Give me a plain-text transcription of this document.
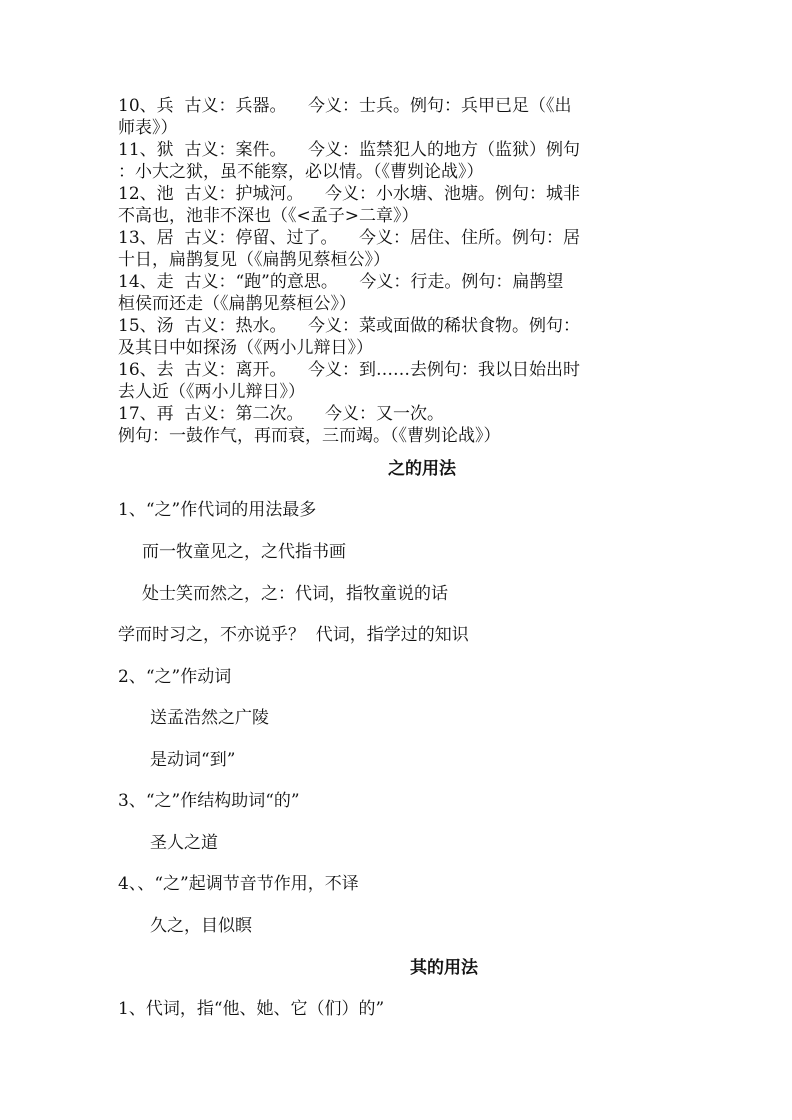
10、兵  古义：兵器。    今义：士兵。例句：兵甲已足（《出
师表》）
11、狱  古义：案件。    今义：监禁犯人的地方（监狱）例句
：小大之狱，虽不能察，必以情。（《曹刿论战》）
12、池  古义：护城河。    今义：小水塘、池塘。例句：城非
不高也，池非不深也（《<孟子>二章》）
13、居  古义：停留、过了。    今义：居住、住所。例句：居
十日，扁鹊复见（《扁鹊见蔡桓公》）
14、走  古义：“跑”的意思。    今义：行走。例句：扁鹊望
桓侯而还走（《扁鹊见蔡桓公》）
15、汤  古义：热水。    今义：菜或面做的稀状食物。例句：
及其日中如探汤（《两小儿辩日》）
16、去  古义：离开。    今义：到……去例句：我以日始出时
去人近（《两小儿辩日》）
17、再  古义：第二次。    今义：又一次。
例句：一鼓作气，再而衰，三而竭。（《曹刿论战》）
之的用法
1、“之”作代词的用法最多
而一牧童见之，之代指书画
处士笑而然之，之：代词，指牧童说的话
学而时习之，不亦说乎？  代词，指学过的知识
2、“之”作动词
送孟浩然之广陵
是动词“到”
3、“之”作结构助词“的”
圣人之道
4、、“之”起调节音节作用，不译
久之，目似瞑
其的用法
1、代词，指“他、她、它（们）的”
